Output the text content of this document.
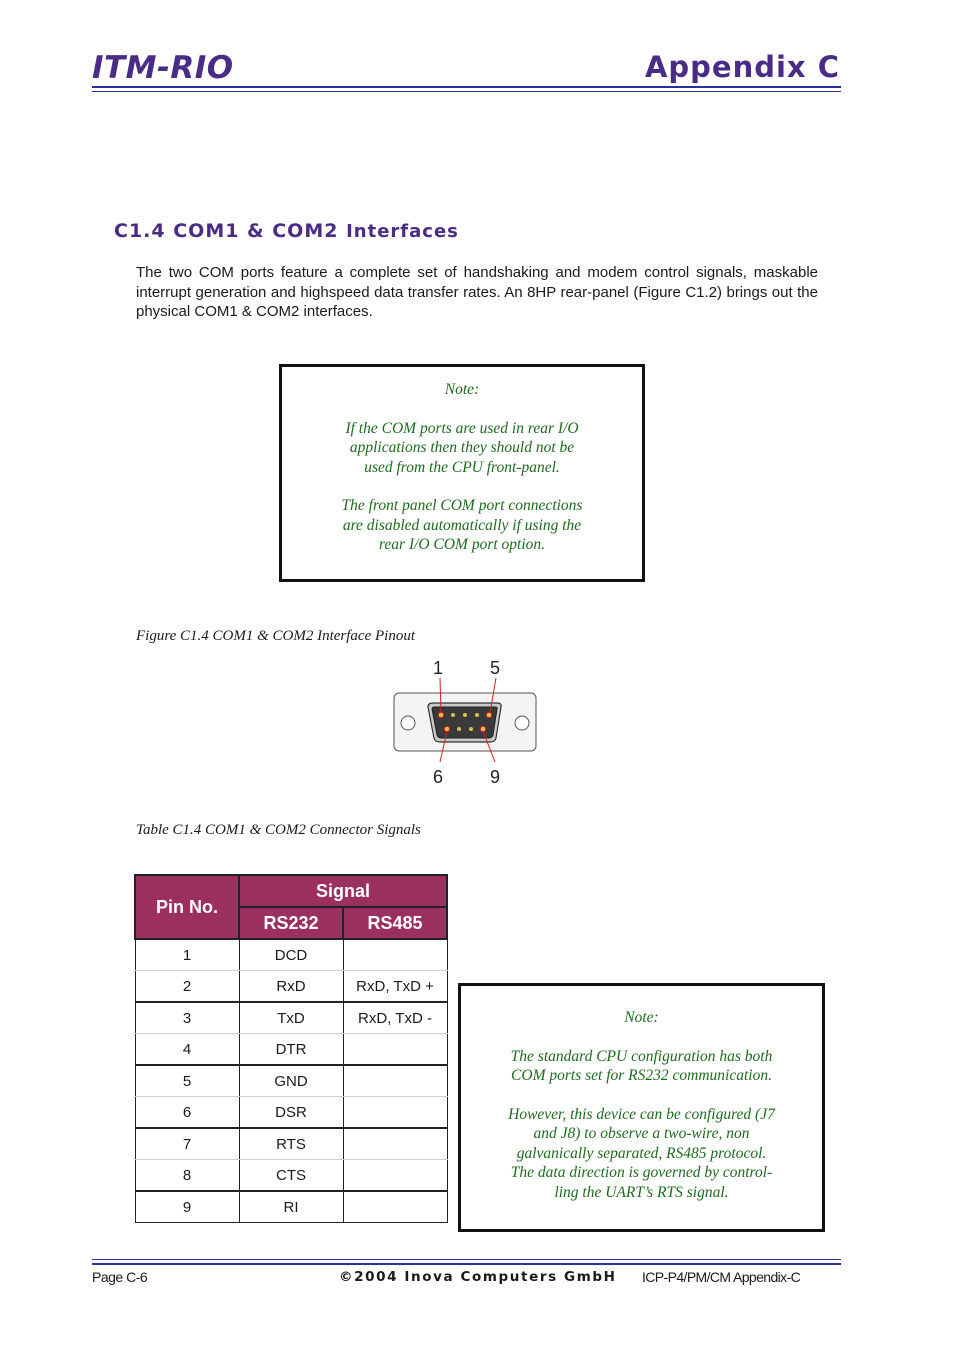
ITM-RIO	Appendix C
C1.4 COM1 & COM2 Interfaces
The two COM ports feature a complete set of handshaking and modem control signals, maskable interrupt generation and highspeed data transfer rates. An 8HP rear-panel (Figure C1.2) brings out the physical COM1 & COM2 interfaces.

Note:

If the COM ports are used in rear I/O

applications then they should not be

used from the CPU front-panel.

The front panel COM port connections

are disabled automatically if using the

rear I/O COM port option.

Figure C1.4 COM1 & COM2 Interface Pinout
1	5
6	9
Table C1.4 COM1 & COM2 Connector Signals
Pin No.	Signal	
	RS232	RS485
1	DCD	
2	RxD	RxD, TxD +
3	TxD	RxD, TxD -
4	DTR	
5	GND	
6	DSR	
7	RTS	
8	CTS	
9	RI	

Note:

The standard CPU configuration has both

COM ports set for RS232 communication.

However, this device can be configured (J7

and J8) to observe a two-wire, non

galvanically separated, RS485 protocol.

The data direction is governed by control-

ling the UART’s RTS signal.

Page C-6	©2004 Inova Computers GmbH ICP-P4/PM/CM Appendix-C
